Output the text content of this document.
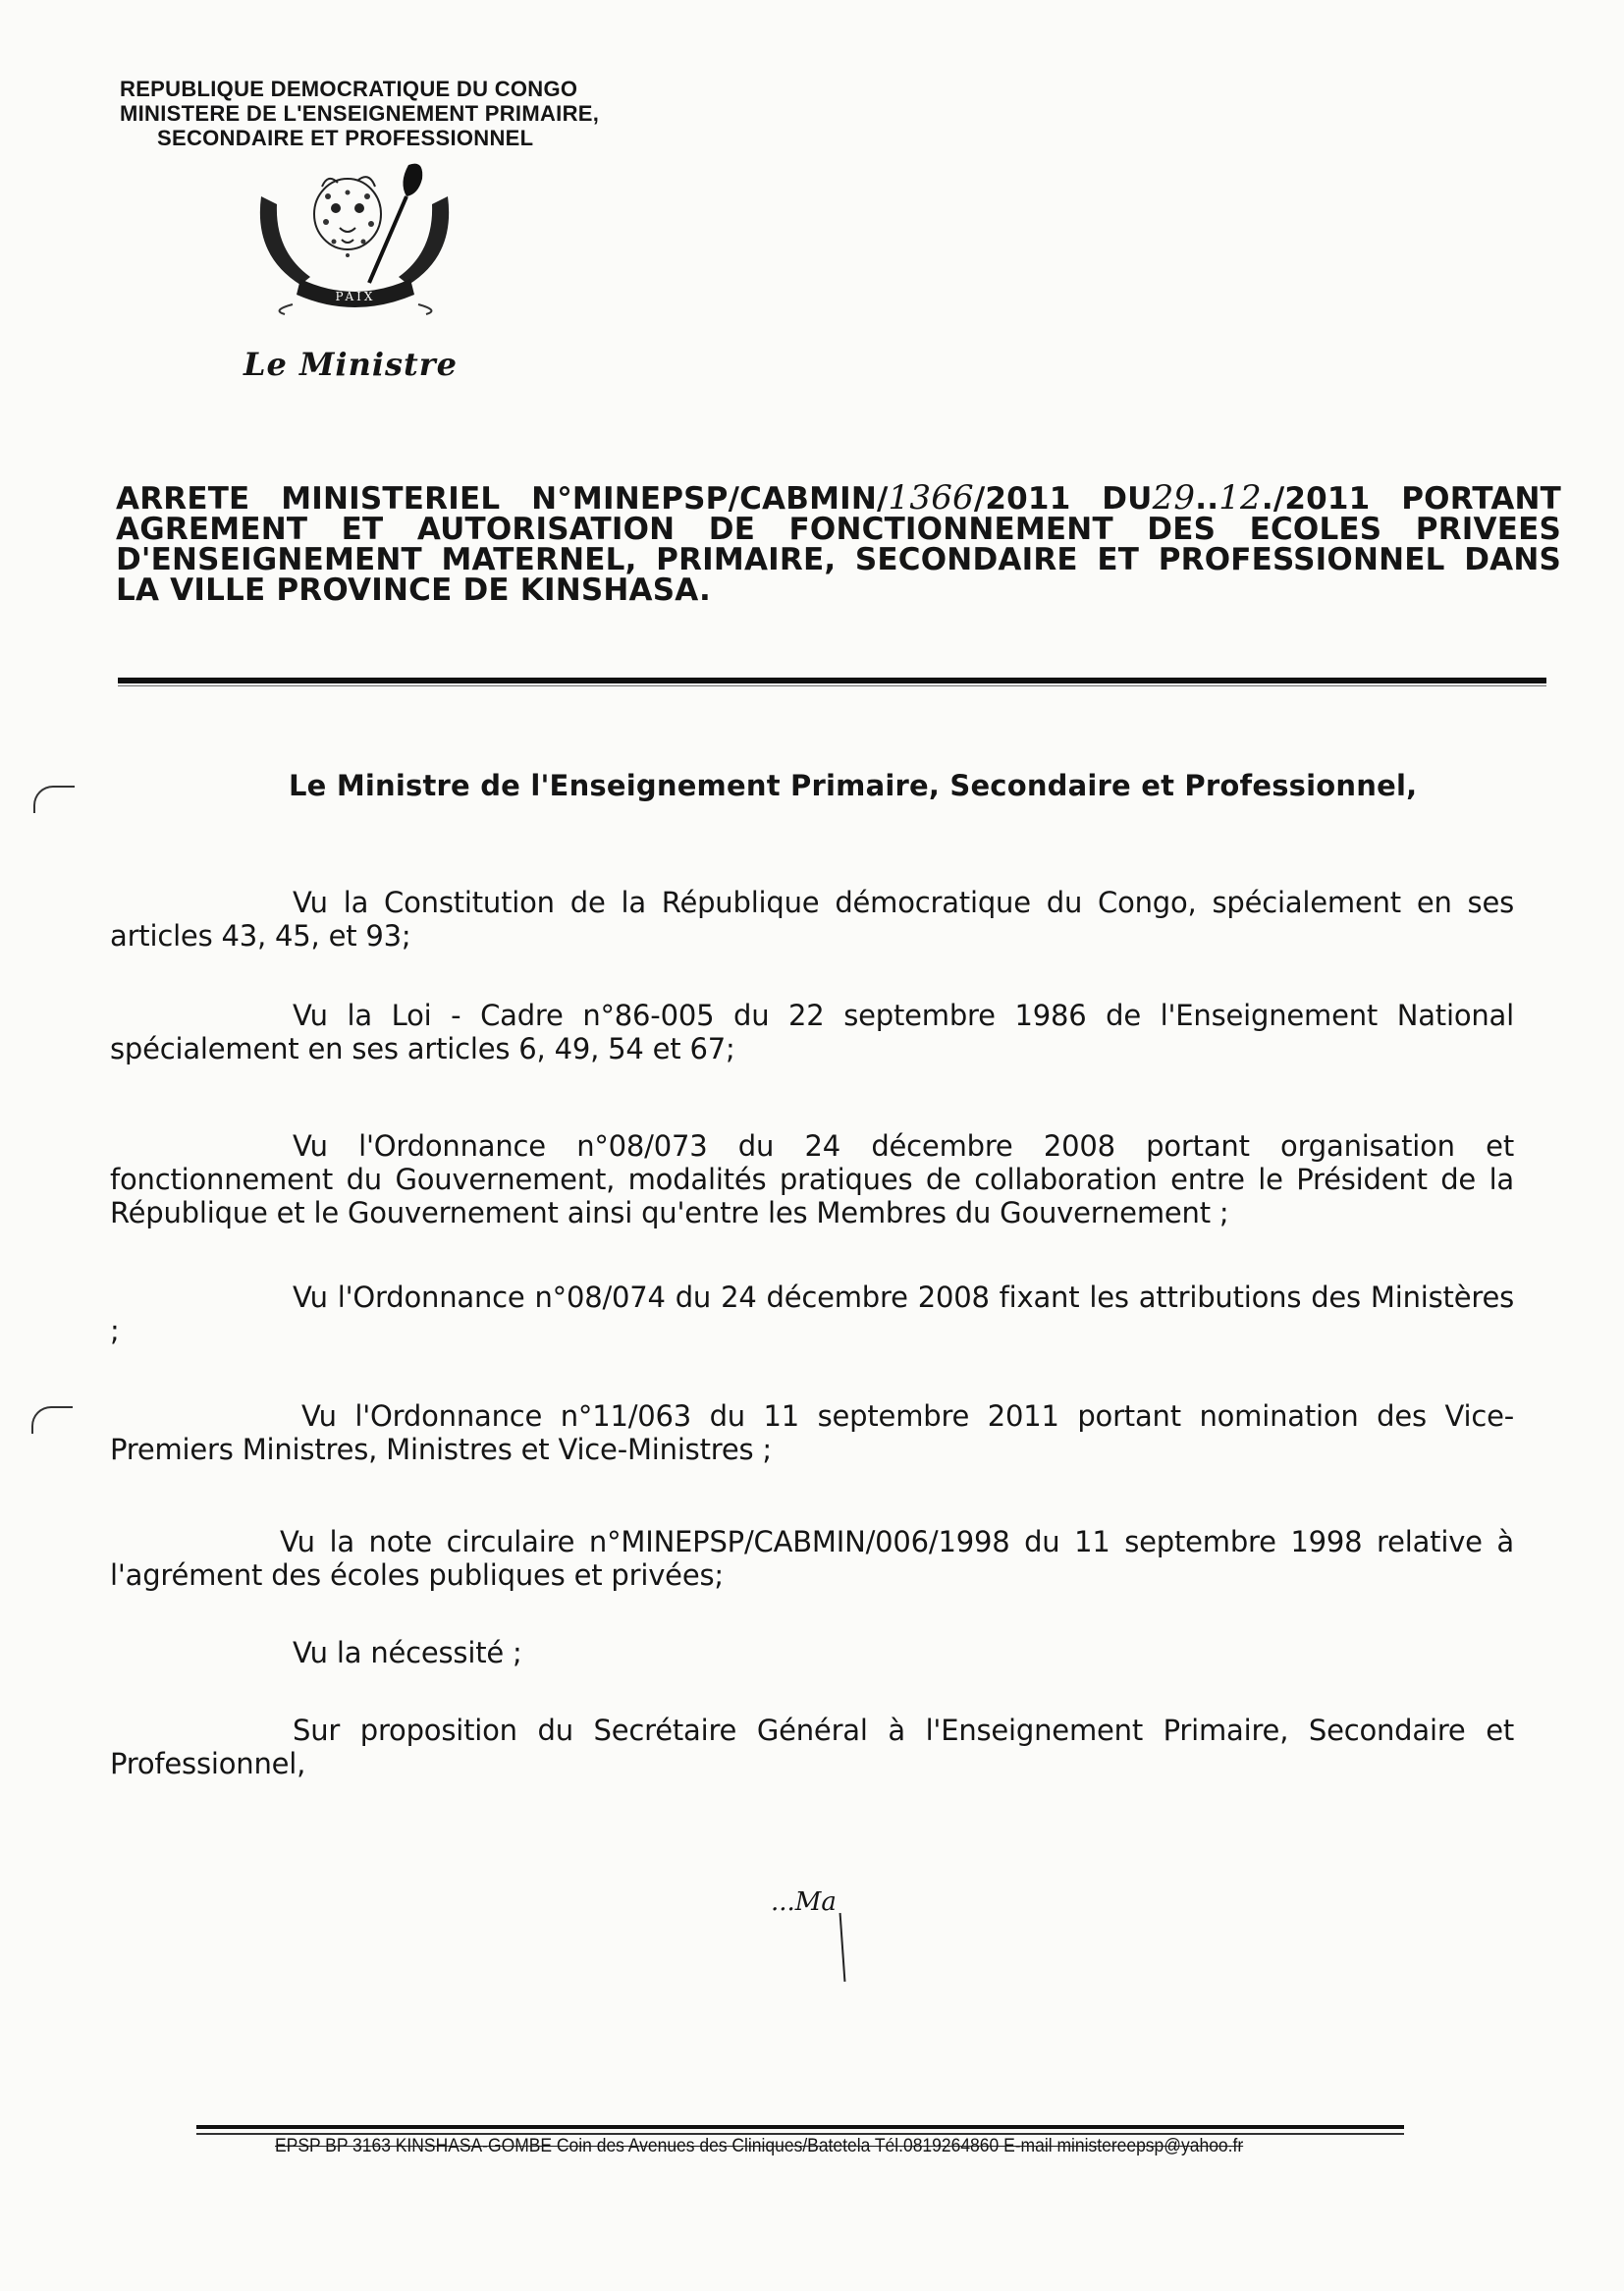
REPUBLIQUE DEMOCRATIQUE DU CONGO
MINISTERE DE L'ENSEIGNEMENT PRIMAIRE,
SECONDAIRE ET PROFESSIONNEL
PAIX
Le Ministre
ARRETE MINISTERIEL N°MINEPSP/CABMIN/1366/2011 DU29..12./2011 PORTANT AGREMENT ET AUTORISATION DE FONCTIONNEMENT DES ECOLES PRIVEES D'ENSEIGNEMENT MATERNEL, PRIMAIRE, SECONDAIRE ET PROFESSIONNEL DANS LA VILLE PROVINCE DE KINSHASA.
Le Ministre de l'Enseignement Primaire, Secondaire et Professionnel,
Vu la Constitution de la République démocratique du Congo, spécialement en ses articles 43, 45, et 93;
Vu la Loi - Cadre n°86-005 du 22 septembre 1986 de l'Enseignement National spécialement en ses articles 6, 49, 54 et 67;
Vu l'Ordonnance n°08/073 du 24 décembre 2008 portant organisation et fonctionnement du Gouvernement, modalités pratiques de collaboration entre le Président de la République et le Gouvernement ainsi qu'entre les Membres du Gouvernement ;
Vu l'Ordonnance n°08/074 du 24 décembre 2008 fixant les attributions des Ministères ;
Vu l'Ordonnance n°11/063 du 11 septembre 2011 portant nomination des Vice-Premiers Ministres, Ministres et Vice-Ministres ;
Vu la note circulaire n°MINEPSP/CABMIN/006/1998 du 11 septembre 1998 relative à l'agrément des écoles publiques et privées;
Vu la nécessité ;
Sur proposition du Secrétaire Général à l'Enseignement Primaire, Secondaire et Professionnel,
...Ma
EPSP BP 3163 KINSHASA-GOMBE Coin des Avenues des Cliniques/Batetela Tél.0819264860 E-mail ministereepsp@yahoo.fr
